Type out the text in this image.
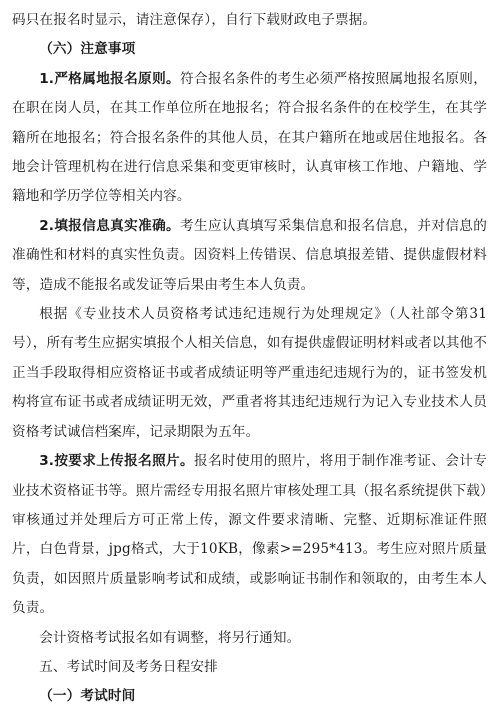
码只在报名时显示，请注意保存），自行下载财政电子票据。

（六）注意事项

1.严格属地报名原则。符合报名条件的考生必须严格按照属地报名原则，在职在岗人员，在其工作单位所在地报名；符合报名条件的在校学生，在其学籍所在地报名；符合报名条件的其他人员，在其户籍所在地或居住地报名。各地会计管理机构在进行信息采集和变更审核时，认真审核工作地、户籍地、学籍地和学历学位等相关内容。

2.填报信息真实准确。考生应认真填写采集信息和报名信息，并对信息的准确性和材料的真实性负责。因资料上传错误、信息填报差错、提供虚假材料等，造成不能报名或发证等后果由考生本人负责。

根据《专业技术人员资格考试违纪违规行为处理规定》（人社部令第31号），所有考生应据实填报个人相关信息，如有提供虚假证明材料或者以其他不正当手段取得相应资格证书或者成绩证明等严重违纪违规行为的，证书签发机构将宣布证书或者成绩证明无效，严重者将其违纪违规行为记入专业技术人员资格考试诚信档案库，记录期限为五年。

3.按要求上传报名照片。报名时使用的照片，将用于制作准考证、会计专业技术资格证书等。照片需经专用报名照片审核处理工具（报名系统提供下载）审核通过并处理后方可正常上传，源文件要求清晰、完整、近期标准证件照片，白色背景，jpg格式，大于10KB，像素>=295*413。考生应对照片质量负责，如因照片质量影响考试和成绩，或影响证书制作和领取的，由考生本人负责。

会计资格考试报名如有调整，将另行通知。

五、考试时间及考务日程安排

（一）考试时间
